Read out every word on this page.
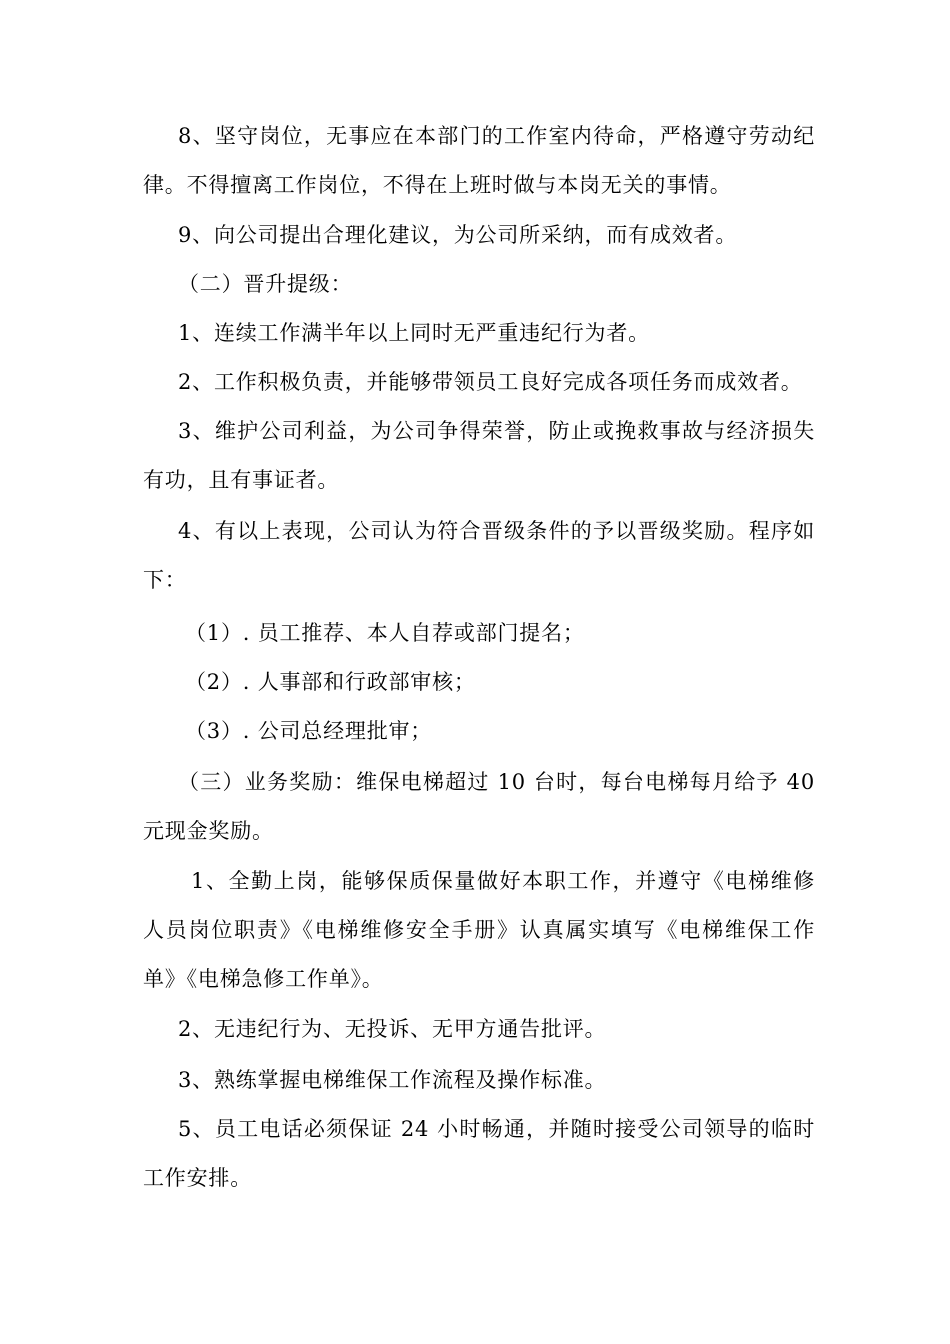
8、坚守岗位，无事应在本部门的工作室内待命，严格遵守劳动纪律。不得擅离工作岗位，不得在上班时做与本岗无关的事情。

9、向公司提出合理化建议，为公司所采纳，而有成效者。

（二）晋升提级：

1、连续工作满半年以上同时无严重违纪行为者。

2、工作积极负责，并能够带领员工良好完成各项任务而成效者。

3、维护公司利益，为公司争得荣誉，防止或挽救事故与经济损失有功，且有事证者。

4、有以上表现，公司认为符合晋级条件的予以晋级奖励。程序如下：

（1）. 员工推荐、本人自荐或部门提名；

（2）. 人事部和行政部审核；

（3）. 公司总经理批审；

（三）业务奖励：维保电梯超过 10 台时，每台电梯每月给予 40 元现金奖励。

1、全勤上岗，能够保质保量做好本职工作，并遵守《电梯维修人员岗位职责》《电梯维修安全手册》认真属实填写《电梯维保工作单》《电梯急修工作单》。

2、无违纪行为、无投诉、无甲方通告批评。

3、熟练掌握电梯维保工作流程及操作标准。

5、员工电话必须保证 24 小时畅通，并随时接受公司领导的临时工作安排。
